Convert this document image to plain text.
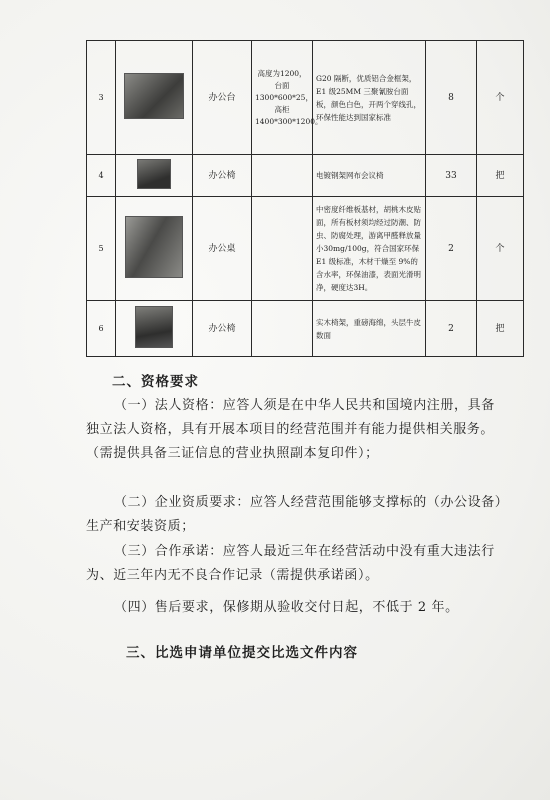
3		办公台	高度为1200，台面1300*600*25，高柜1400*300*1200。	G20 隔断，优质铝合金框架，E1 级25MM 三聚氰胺台面板，颜色白色，开两个穿线孔，环保性能达到国家标准	8	个
4		办公椅		电镀钢架网布会议椅	33	把
5		办公桌		中密度纤维板基材，胡桃木皮贴面，所有板材须均经过防潮、防虫、防腐处理，游离甲醛释放量小30mg/100g，符合国家环保 E1 级标准，木材干燥至 9%的含水率，环保油漆，表面光滑明净，硬度达3H。	2	个
6		办公椅		实木椅架，重磅海绵，头层牛皮数面	2	把
二、资格要求
（一）法人资格：应答人须是在中华人民共和国境内注册，具备独立法人资格，具有开展本项目的经营范围并有能力提供相关服务。（需提供具备三证信息的营业执照副本复印件）；
（二）企业资质要求：应答人经营范围能够支撑标的（办公设备）生产和安装资质；
（三）合作承诺：应答人最近三年在经营活动中没有重大违法行为、近三年内无不良合作记录（需提供承诺函）。
（四）售后要求，保修期从验收交付日起，不低于 2 年。
三、比选申请单位提交比选文件内容
